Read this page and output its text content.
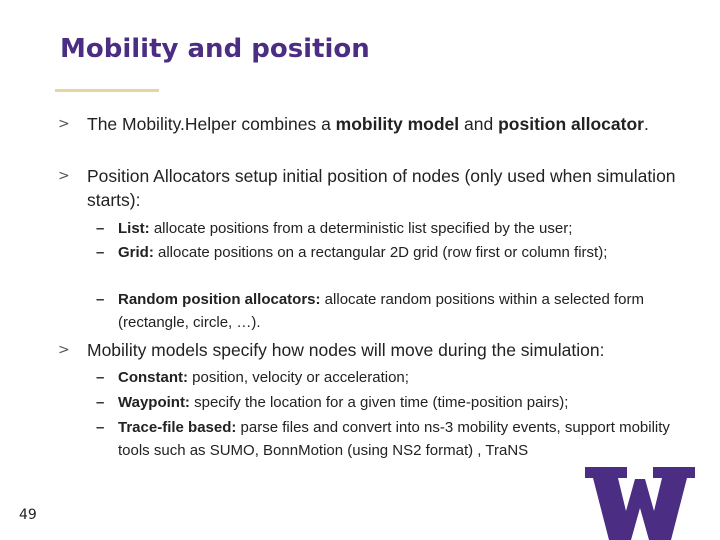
Mobility and position
> The Mobility.Helper combines a mobility model and position allocator.
> Position Allocators setup initial position of nodes (only used when simulation starts):
– List: allocate positions from a deterministic list specified by the user;
– Grid: allocate positions on a rectangular 2D grid (row first or column first);
– Random position allocators: allocate random positions within a selected form (rectangle, circle, …).
> Mobility models specify how nodes will move during the simulation:
– Constant: position, velocity or acceleration;
– Waypoint: specify the location for a given time (time-position pairs);
– Trace-file based: parse files and convert into ns-3 mobility events, support mobility tools such as SUMO, BonnMotion (using NS2 format) , TraNS
49
